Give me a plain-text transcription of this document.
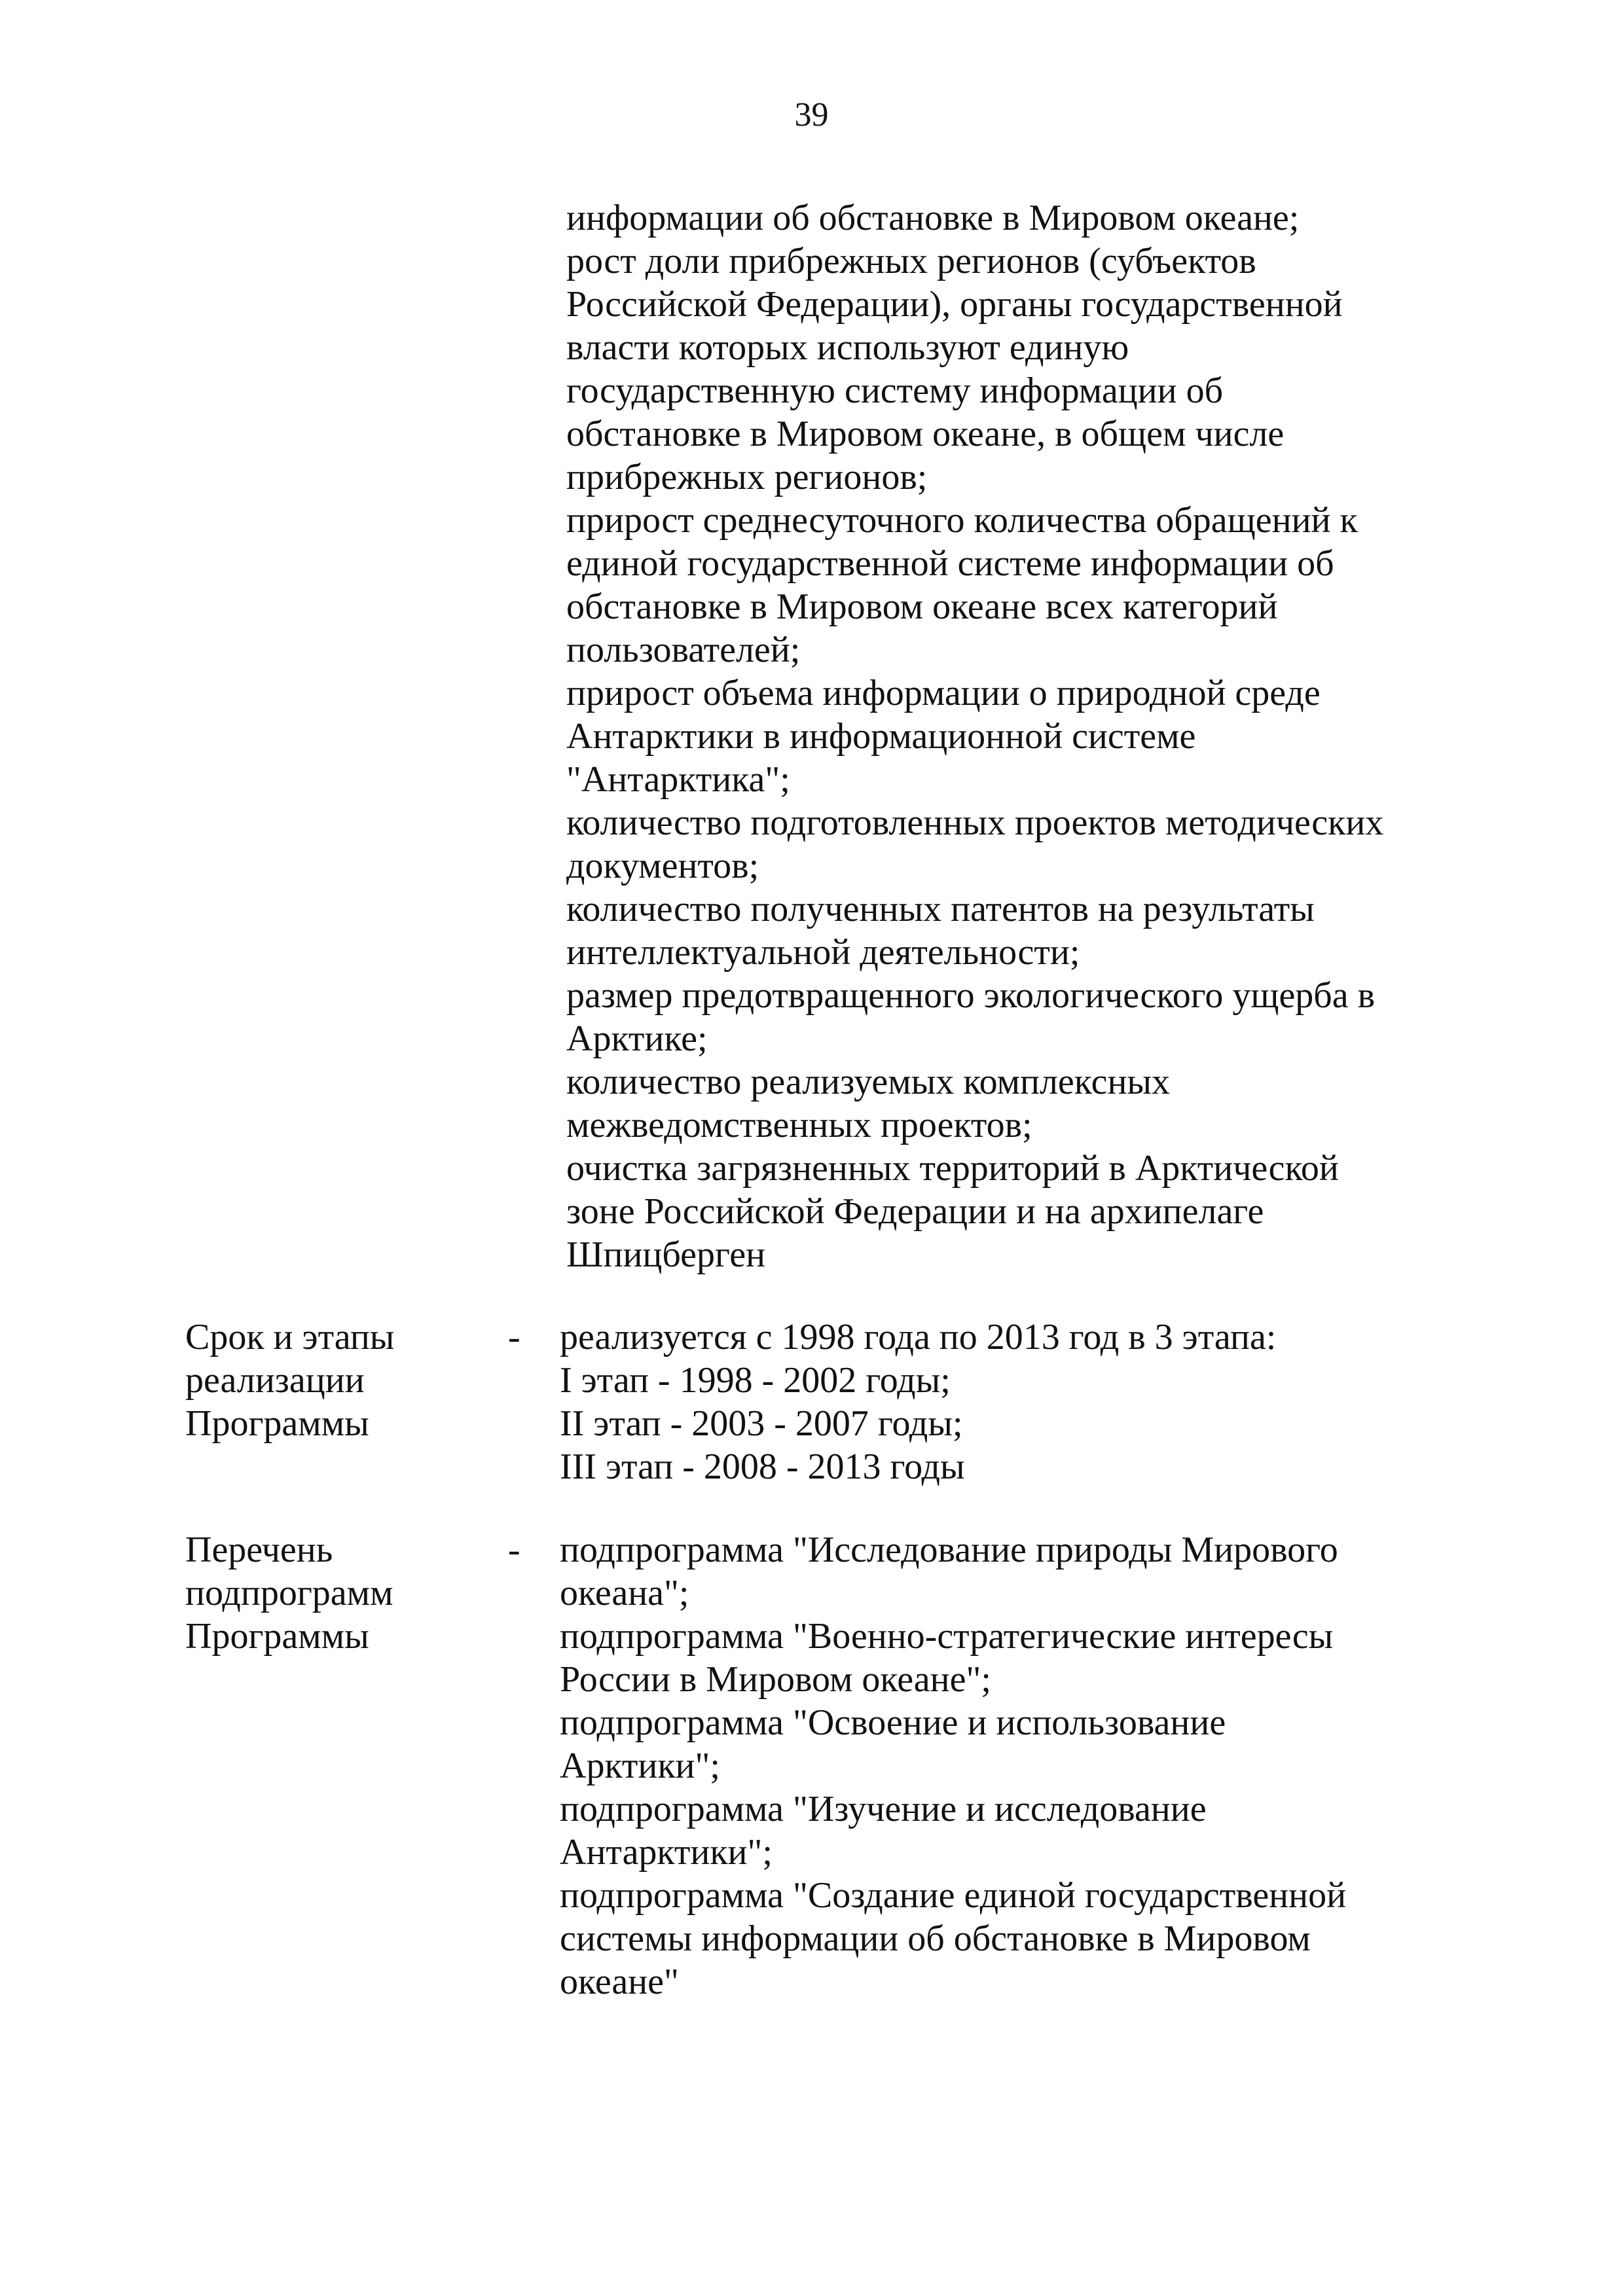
39
информации об обстановке в Мировом океане;
рост доли прибрежных регионов (субъектов
Российской Федерации), органы государственной
власти которых используют единую
государственную систему информации об
обстановке в Мировом океане, в общем числе
прибрежных регионов;
прирост среднесуточного количества обращений к
единой государственной системе информации об
обстановке в Мировом океане всех категорий
пользователей;
прирост объема информации о природной среде
Антарктики в информационной системе
"Антарктика";
количество подготовленных проектов методических
документов;
количество полученных патентов на результаты
интеллектуальной деятельности;
размер предотвращенного экологического ущерба в
Арктике;
количество реализуемых комплексных
межведомственных проектов;
очистка загрязненных территорий в Арктической
зоне Российской Федерации и на архипелаге
Шпицберген
Срок и этапы
реализации
Программы
- реализуется с 1998 года по 2013 год в 3 этапа:
I этап - 1998 - 2002 годы;
II этап - 2003 - 2007 годы;
III этап - 2008 - 2013 годы
Перечень
подпрограмм
Программы
- подпрограмма "Исследование природы Мирового
океана";
подпрограмма "Военно-стратегические интересы
России в Мировом океане";
подпрограмма "Освоение и использование
Арктики";
подпрограмма "Изучение и исследование
Антарктики";
подпрограмма "Создание единой государственной
системы информации об обстановке в Мировом
океане"
